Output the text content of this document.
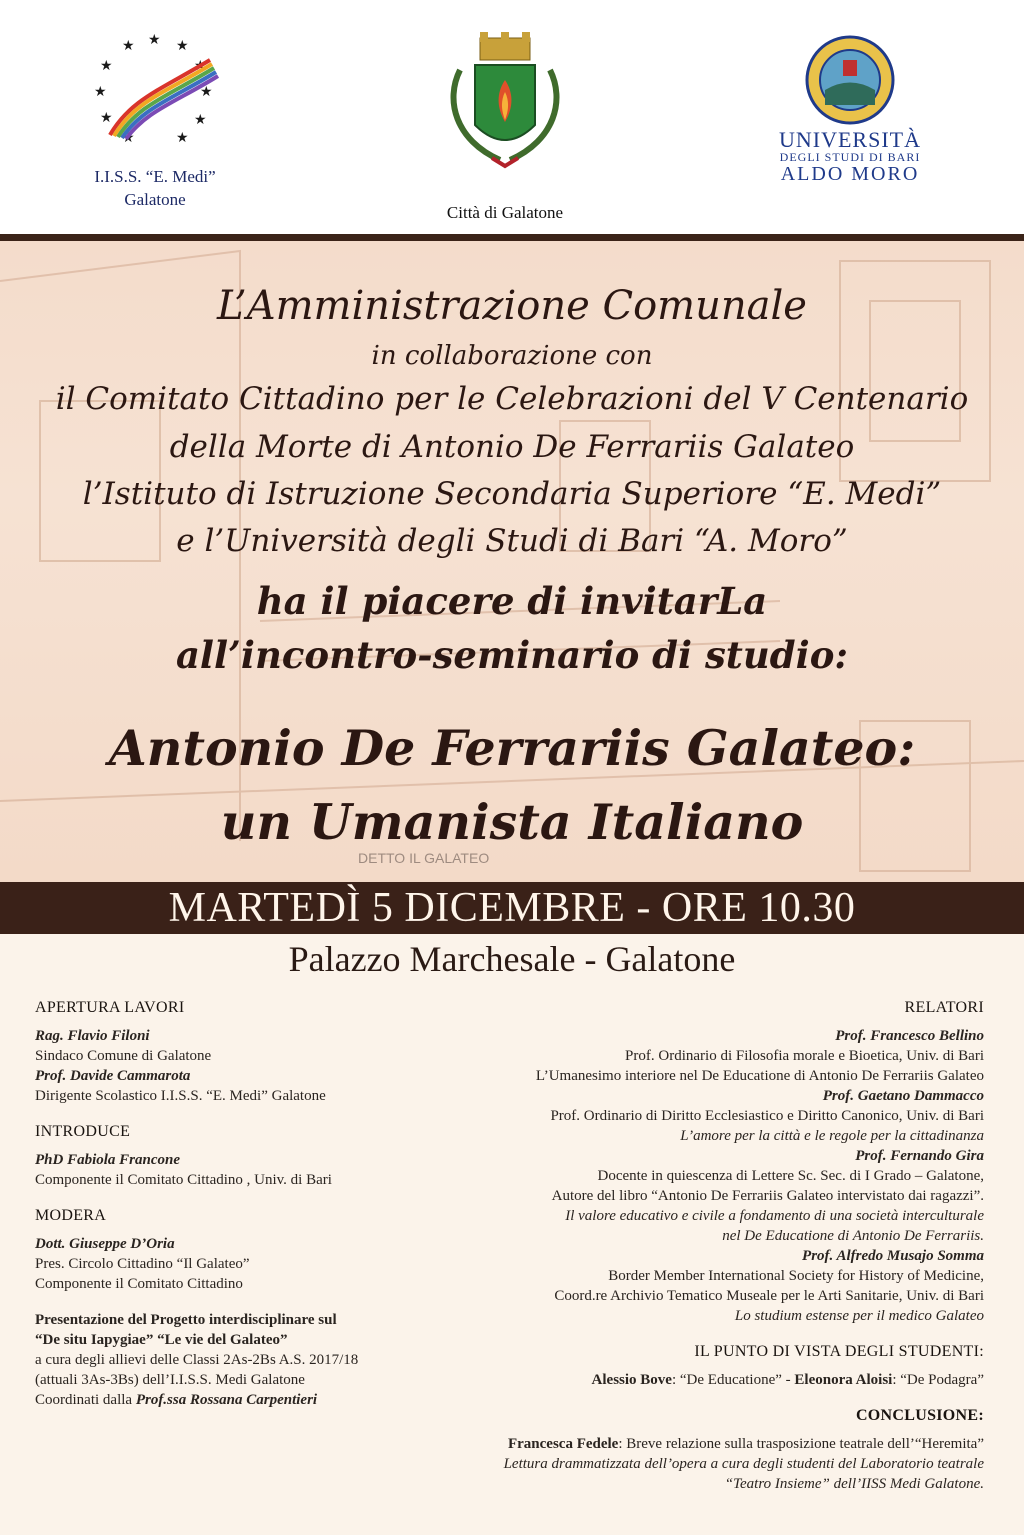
★ ★ ★
★
★
★
★
★
★
★
★
I.I.S.S. “E. Medi”
Galatone
Città di Galatone
UNIVERSITÀ
DEGLI STUDI DI BARI
ALDO MORO
DETTO IL GALATEO
L’Amministrazione Comunale
in collaborazione con
il Comitato Cittadino per le Celebrazioni del V Centenario
della Morte di Antonio De Ferrariis Galateo
l’Istituto di Istruzione Secondaria Superiore “E. Medi”
e l’Università degli Studi di Bari “A. Moro”
ha il piacere di invitarLa
all’incontro-seminario di studio:
Antonio De Ferrariis Galateo:
un Umanista Italiano
MARTEDÌ 5 DICEMBRE - ORE 10.30
Palazzo Marchesale - Galatone
APERTURA LAVORI
Rag. Flavio Filoni
Sindaco Comune di Galatone
Prof. Davide Cammarota
Dirigente Scolastico I.I.S.S. “E. Medi” Galatone
INTRODUCE
PhD Fabiola Francone
Componente il Comitato Cittadino , Univ. di Bari
MODERA
Dott. Giuseppe D’Oria
Pres. Circolo Cittadino “Il Galateo”
Componente il Comitato Cittadino
Presentazione del Progetto interdisciplinare sul
“De situ Iapygiae” “Le vie del Galateo”
a cura degli allievi delle Classi 2As-2Bs A.S. 2017/18
(attuali 3As-3Bs) dell’I.I.S.S. Medi Galatone
Coordinati dalla Prof.ssa Rossana Carpentieri
RELATORI
Prof. Francesco Bellino
Prof. Ordinario di Filosofia morale e Bioetica, Univ. di Bari
L’Umanesimo interiore nel De Educatione di Antonio De Ferrariis Galateo
Prof. Gaetano Dammacco
Prof. Ordinario di Diritto Ecclesiastico e Diritto Canonico, Univ. di Bari
L’amore per la città e le regole per la cittadinanza
Prof. Fernando Gira
Docente in quiescenza di Lettere Sc. Sec. di I Grado – Galatone,
Autore del libro “Antonio De Ferrariis Galateo intervistato dai ragazzi”.
Il valore educativo e civile a fondamento di una società interculturale
nel De Educatione di Antonio De Ferrariis.
Prof. Alfredo Musajo Somma
Border Member International Society for History of Medicine,
Coord.re Archivio Tematico Museale per le Arti Sanitarie, Univ. di Bari
Lo studium estense per il medico Galateo
IL PUNTO DI VISTA DEGLI STUDENTI:
Alessio Bove: “De Educatione” - Eleonora Aloisi: “De Podagra”
CONCLUSIONE:
Francesca Fedele: Breve relazione sulla trasposizione teatrale dell’“Heremita”
Lettura drammatizzata dell’opera a cura degli studenti del Laboratorio teatrale
“Teatro Insieme” dell’IISS Medi Galatone.
